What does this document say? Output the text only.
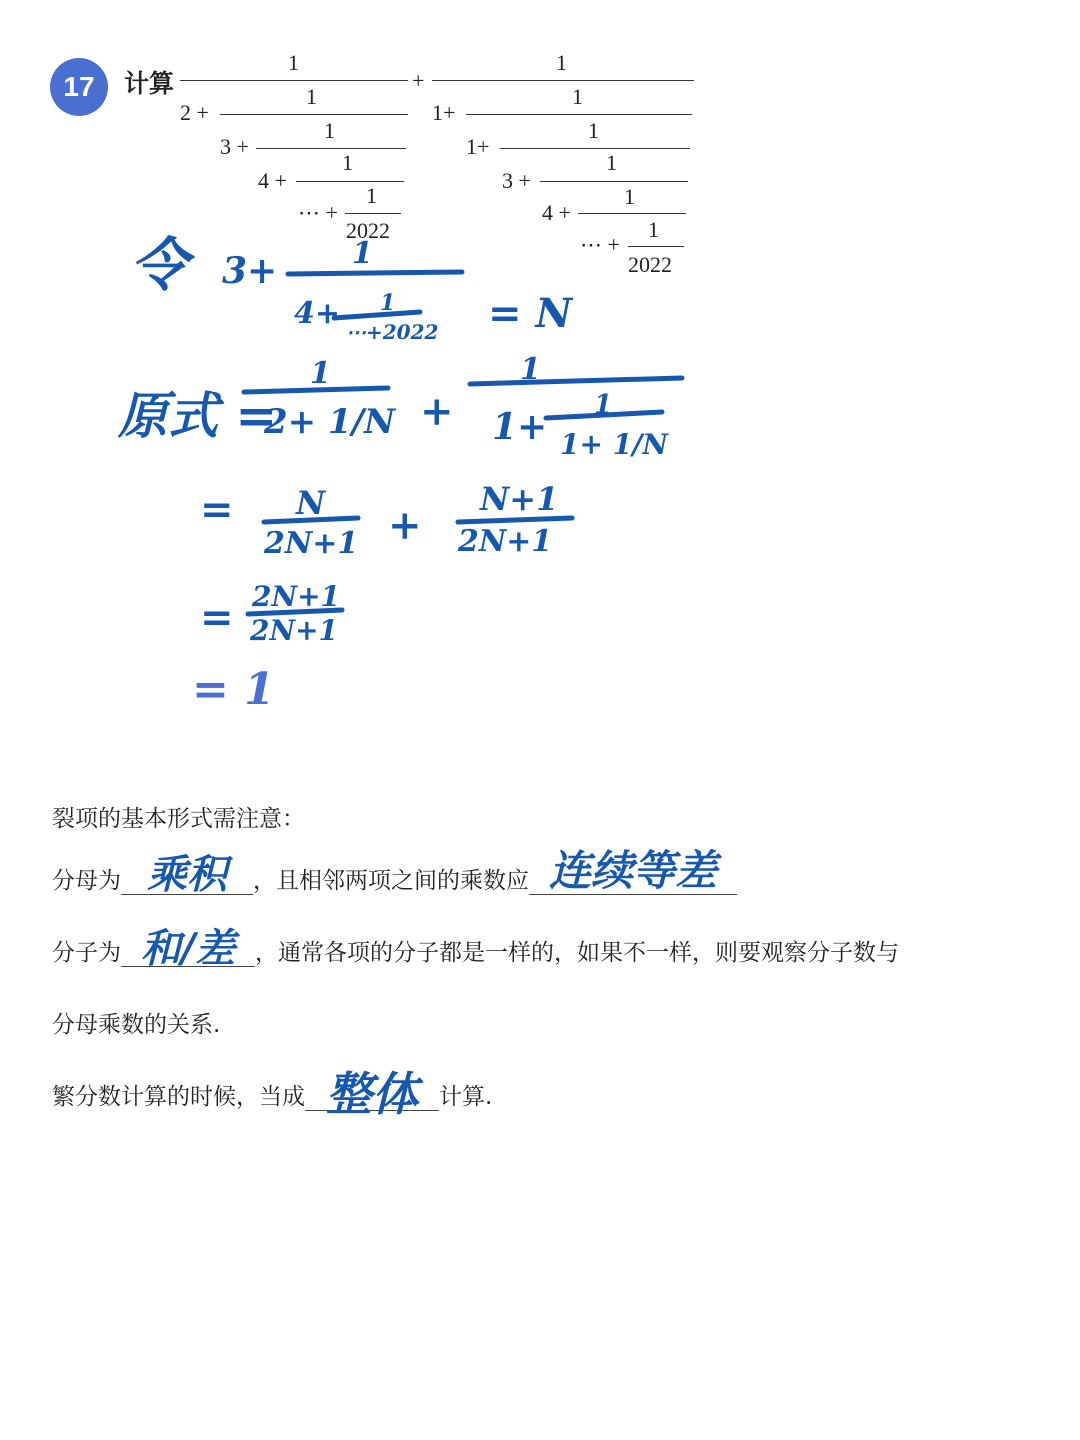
17	计算
1
2 +
1
3 +
1
4 +
1
⋯ +
1
2022
+
1
1+
1
1+
1
3 +
1
4 +
1
⋯ +
1
2022
令 3+ 1
4+ 1
⋯+2022 = N
原式 =
1
2+ 1/N +
1
1+
1
1+ 1/N
= N
2N+1 +
N+1
2N+1
= 2N+1
2N+1
= 1
裂项的基本形式需注意：
分母为 乘积	，且相邻两项之间的乘数应 连续等差
分子为 和/差 ，通常各项的分子都是一样的，如果不一样，则要观察分子数与
分母乘数的关系.
繁分数计算的时候，当成 整体 计算.
